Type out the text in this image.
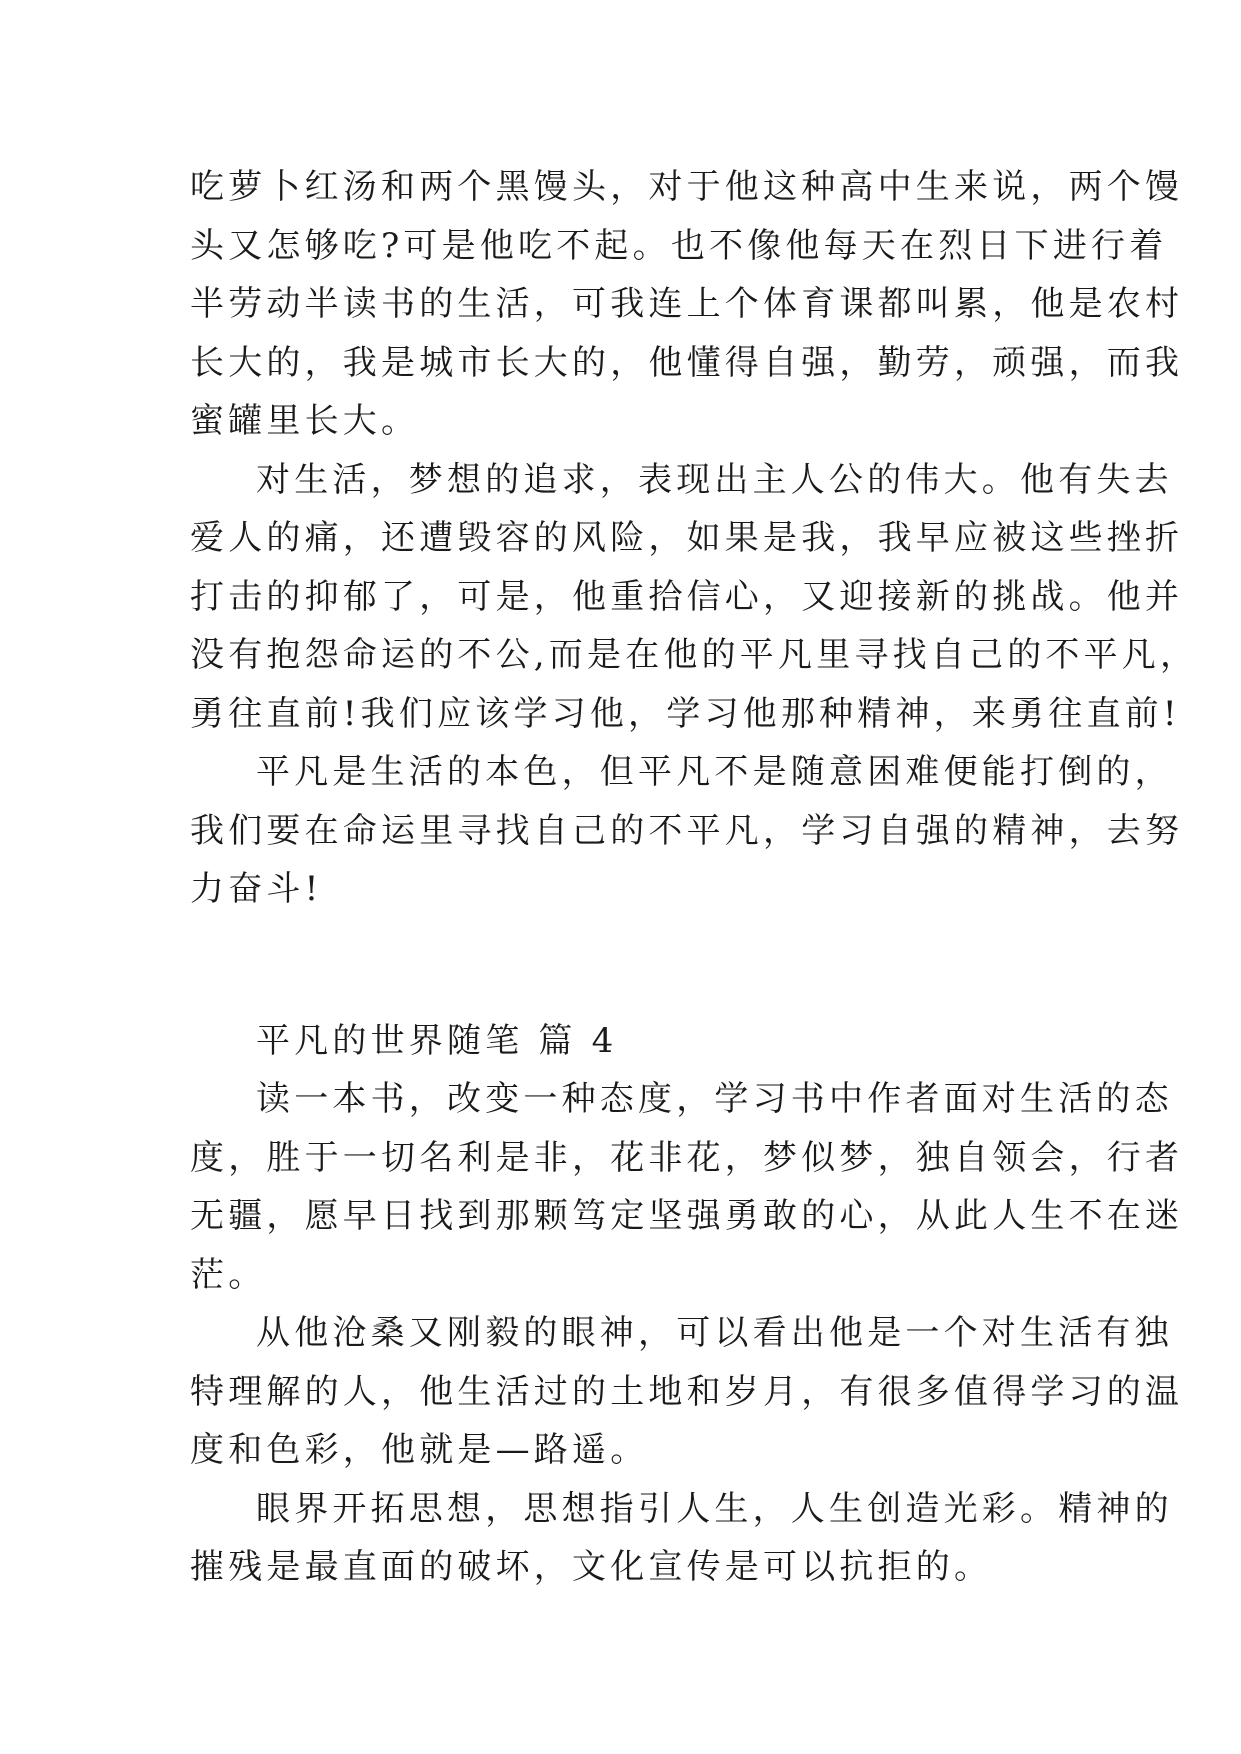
吃萝卜红汤和两个黑馒头，对于他这种高中生来说，两个馒

头又怎够吃?可是他吃不起。也不像他每天在烈日下进行着

半劳动半读书的生活，可我连上个体育课都叫累，他是农村

长大的，我是城市长大的，他懂得自强，勤劳，顽强，而我

蜜罐里长大。

对生活，梦想的追求，表现出主人公的伟大。他有失去

爱人的痛，还遭毁容的风险，如果是我，我早应被这些挫折

打击的抑郁了，可是，他重拾信心，又迎接新的挑战。他并

没有抱怨命运的不公,而是在他的平凡里寻找自己的不平凡，

勇往直前!我们应该学习他，学习他那种精神，来勇往直前!

平凡是生活的本色，但平凡不是随意困难便能打倒的，

我们要在命运里寻找自己的不平凡，学习自强的精神，去努

力奋斗!

平凡的世界随笔 篇 4

读一本书，改变一种态度，学习书中作者面对生活的态

度，胜于一切名利是非，花非花，梦似梦，独自领会，行者

无疆，愿早日找到那颗笃定坚强勇敢的心，从此人生不在迷

茫。

从他沧桑又刚毅的眼神，可以看出他是一个对生活有独

特理解的人，他生活过的土地和岁月，有很多值得学习的温

度和色彩，他就是—路遥。

眼界开拓思想，思想指引人生，人生创造光彩。精神的

摧残是最直面的破坏，文化宣传是可以抗拒的。
